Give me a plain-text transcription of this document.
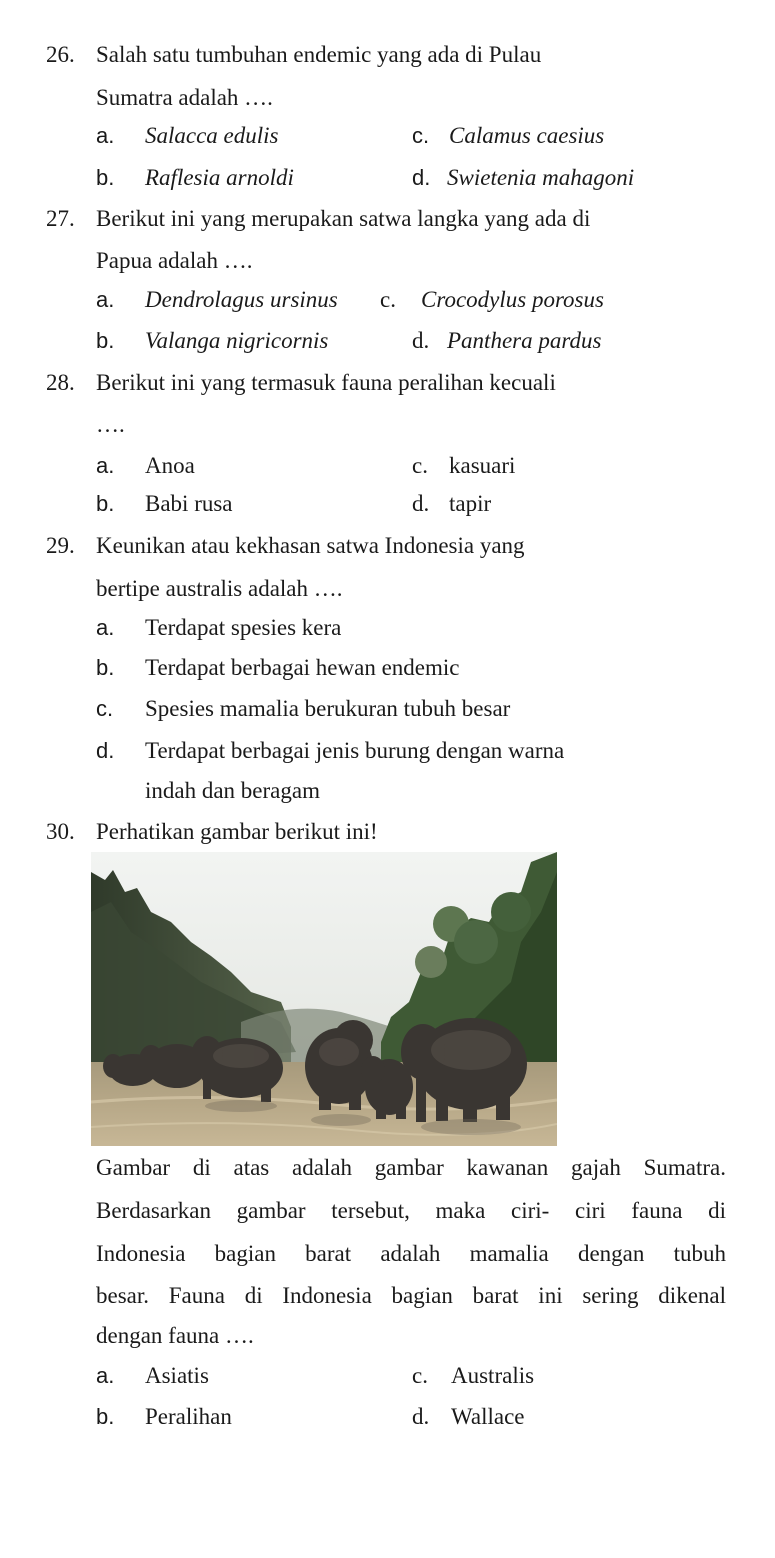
26. Salah satu tumbuhan endemic yang ada di Pulau
Sumatra adalah ….
a. Salacca edulis	c. Calamus caesius
b. Raflesia arnoldi	d. Swietenia mahagoni
27. Berikut ini yang merupakan satwa langka yang ada di
Papua adalah ….
a. Dendrolagus ursinus c. Crocodylus porosus
b. Valanga nigricornis	d. Panthera pardus
28. Berikut ini yang termasuk fauna peralihan kecuali
….
a. Anoa	c. kasuari
b. Babi rusa	d. tapir
29. Keunikan atau kekhasan satwa Indonesia yang
bertipe australis adalah ….
a. Terdapat spesies kera
b. Terdapat berbagai hewan endemic
c. Spesies mamalia berukuran tubuh besar
d. Terdapat berbagai jenis burung dengan warna
indah dan beragam
30. Perhatikan gambar berikut ini!
Gambar di atas adalah gambar kawanan gajah Sumatra.
Berdasarkan gambar tersebut, maka ciri- ciri fauna di
Indonesia bagian barat adalah mamalia dengan tubuh
besar. Fauna di Indonesia bagian barat ini sering dikenal
dengan fauna ….
a. Asiatis	c. Australis
b. Peralihan	d. Wallace
